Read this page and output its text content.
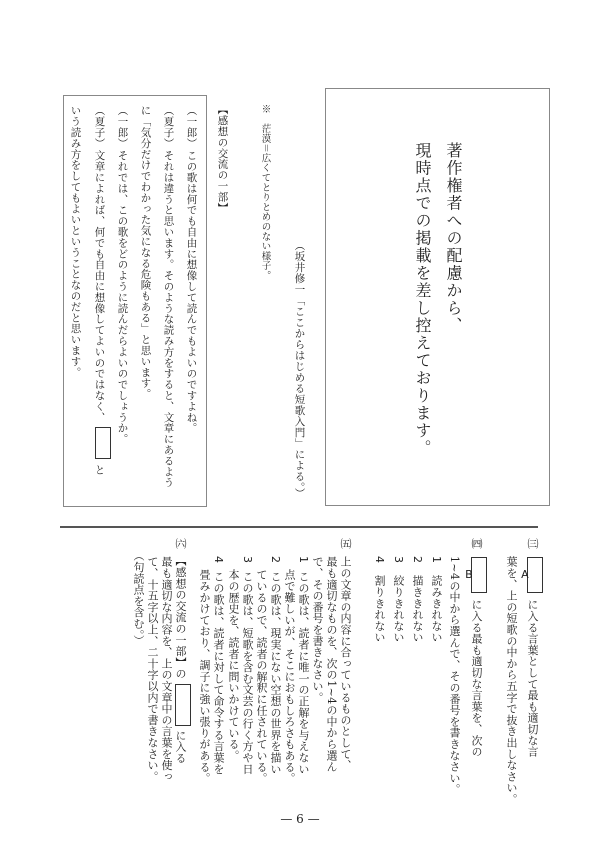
著作権者への配慮から、
現時点での掲載を差し控えております。
（坂井修一「ここからはじめる短歌入門」による。）
※　茫漠＝広くてとりとめのない様子。
【感想の交流の一部】
（一郎）
この歌は何でも自由に想像して読んでもよいのですよね。
（夏子）
それは違うと思います。そのような読み方をすると、文章にあるよう
に「気分だけでわかった気になる危険もある」と思います。
（一郎）
それでは、この歌をどのように読んだらよいのでしょうか。
（夏子）
文章によれば、何でも自由に想像してよいのではなく、と
いう読み方をしてもよいということなのだと思います。
㈢Aに入る言葉として最も適切な言
葉を、上の短歌の中から五字で抜き出しなさい。
㈣Bに入る最も適切な言葉を、次の
1~4の中から選んで、その番号を書きなさい。
1
読みきれない
2
描ききれない
3
絞りきれない
4
割りきれない
㈤
上の文章の内容に合っているものとして、
最も適切なものを、次の1~4の中から選ん
で、その番号を書きなさい。
1
この歌は、読者に唯一の正解を与えない
点で難しいが、そこにおもしろさもある。
2
この歌は、現実にない空想の世界を描い
ているので、読者の解釈に任されている。
3
この歌は、短歌を含む文芸の行く方や日
本の歴史を、読者に問いかけている。
4
この歌は、読者に対して命令する言葉を
畳みかけており、調子に強い張りがある。
㈥【感想の交流の一部】のに入る
最も適切な内容を、上の文章中の言葉を使っ
て、十五字以上、二十字以内で書きなさい。
（句読点を含む。）
— 6 —
